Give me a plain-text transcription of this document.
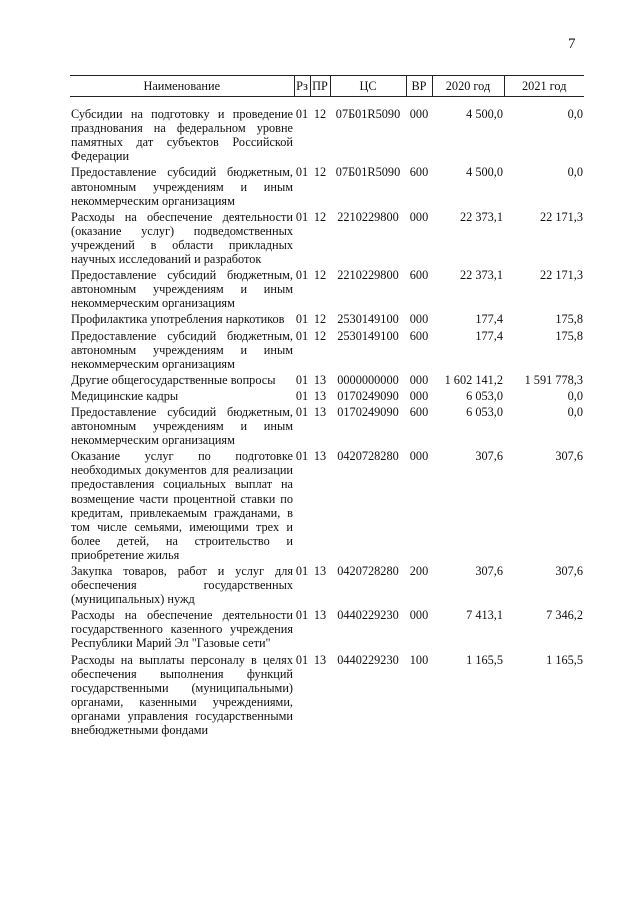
7
Наименование	Рз	ПР	ЦС	ВР	2020 год	2021 год

Субсидии на подготовку и проведение празднования на федеральном уровне памятных дат субъектов Российской Федерации	01	12	07Б01R5090	000	4 500,0	0,0
Предоставление субсидий бюджетным, автономным учреждениям и иным некоммерческим организациям	01	12	07Б01R5090	600	4 500,0	0,0
Расходы на обеспечение деятельности (оказание услуг) подведомственных учреждений в области прикладных научных исследований и разработок	01	12	2210229800	000	22 373,1	22 171,3
Предоставление субсидий бюджетным, автономным учреждениям и иным некоммерческим организациям	01	12	2210229800	600	22 373,1	22 171,3
Профилактика употребления наркотиков	01	12	2530149100	000	177,4	175,8
Предоставление субсидий бюджетным, автономным учреждениям и иным некоммерческим организациям	01	12	2530149100	600	177,4	175,8
Другие общегосударственные вопросы	01	13	0000000000	000	1 602 141,2	1 591 778,3
Медицинские кадры	01	13	0170249090	000	6 053,0	0,0
Предоставление субсидий бюджетным, автономным учреждениям и иным некоммерческим организациям	01	13	0170249090	600	6 053,0	0,0
Оказание услуг по подготовке необходимых документов для реализации предоставления социальных выплат на возмещение части процентной ставки по кредитам, привлекаемым гражданами, в том числе семьями, имеющими трех и более детей, на строительство и приобретение жилья	01	13	0420728280	000	307,6	307,6
Закупка товаров, работ и услуг для обеспечения государственных (муниципальных) нужд	01	13	0420728280	200	307,6	307,6
Расходы на обеспечение деятельности государственного казенного учреждения Республики Марий Эл "Газовые сети"	01	13	0440229230	000	7 413,1	7 346,2
Расходы на выплаты персоналу в целях обеспечения выполнения функций государственными (муниципальными) органами, казенными учреждениями, органами управления государственными внебюджетными фондами	01	13	0440229230	100	1 165,5	1 165,5
